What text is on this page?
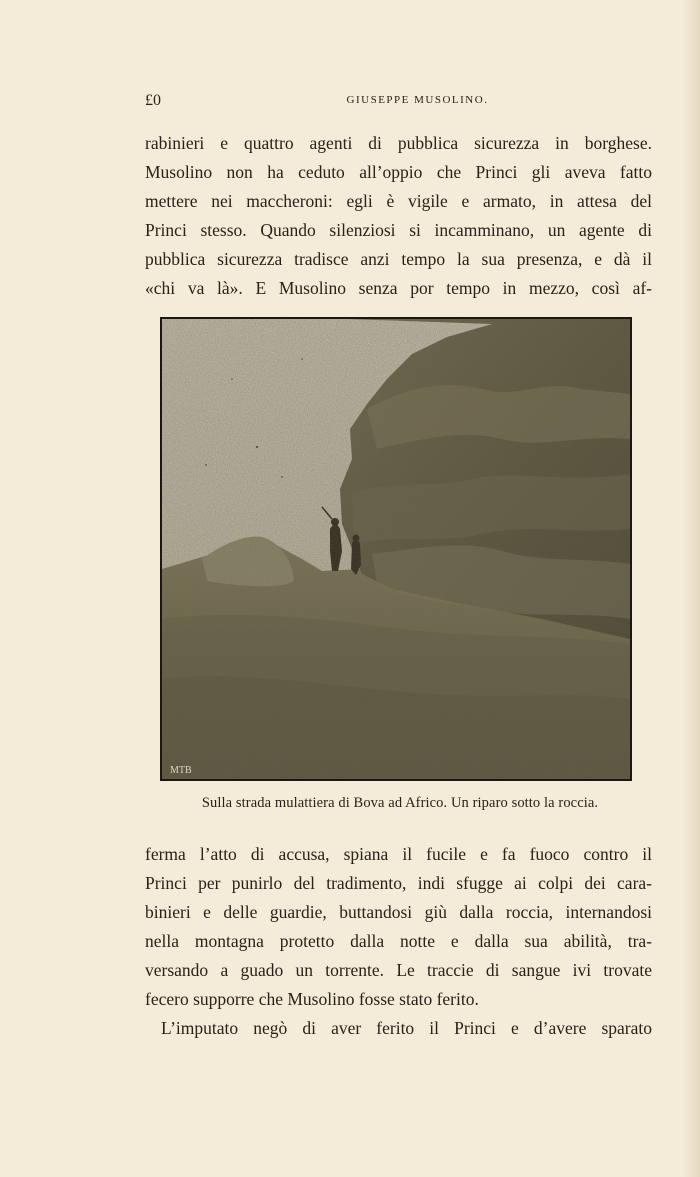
£0	GIUSEPPE MUSOLINO.
rabinieri e quattro agenti di pubblica sicurezza in borghese.
Musolino non ha ceduto all’oppio che Princi gli aveva fatto
mettere nei maccheroni: egli è vigile e armato, in attesa del
Princi stesso. Quando silenziosi si incamminano, un agente di
pubblica sicurezza tradisce anzi tempo la sua presenza, e dà il
«chi va là». E Musolino senza por tempo in mezzo, così af-
MTB
Sulla strada mulattiera di Bova ad Africo. Un riparo sotto la roccia.
ferma l’atto di accusa, spiana il fucile e fa fuoco contro il
Princi per punirlo del tradimento, indi sfugge ai colpi dei cara-
binieri e delle guardie, buttandosi giù dalla roccia, internandosi
nella montagna protetto dalla notte e dalla sua abilità, tra-
versando a guado un torrente. Le traccie di sangue ivi trovate
fecero supporre che Musolino fosse stato ferito.
L’imputato negò di aver ferito il Princi e d’avere sparato
